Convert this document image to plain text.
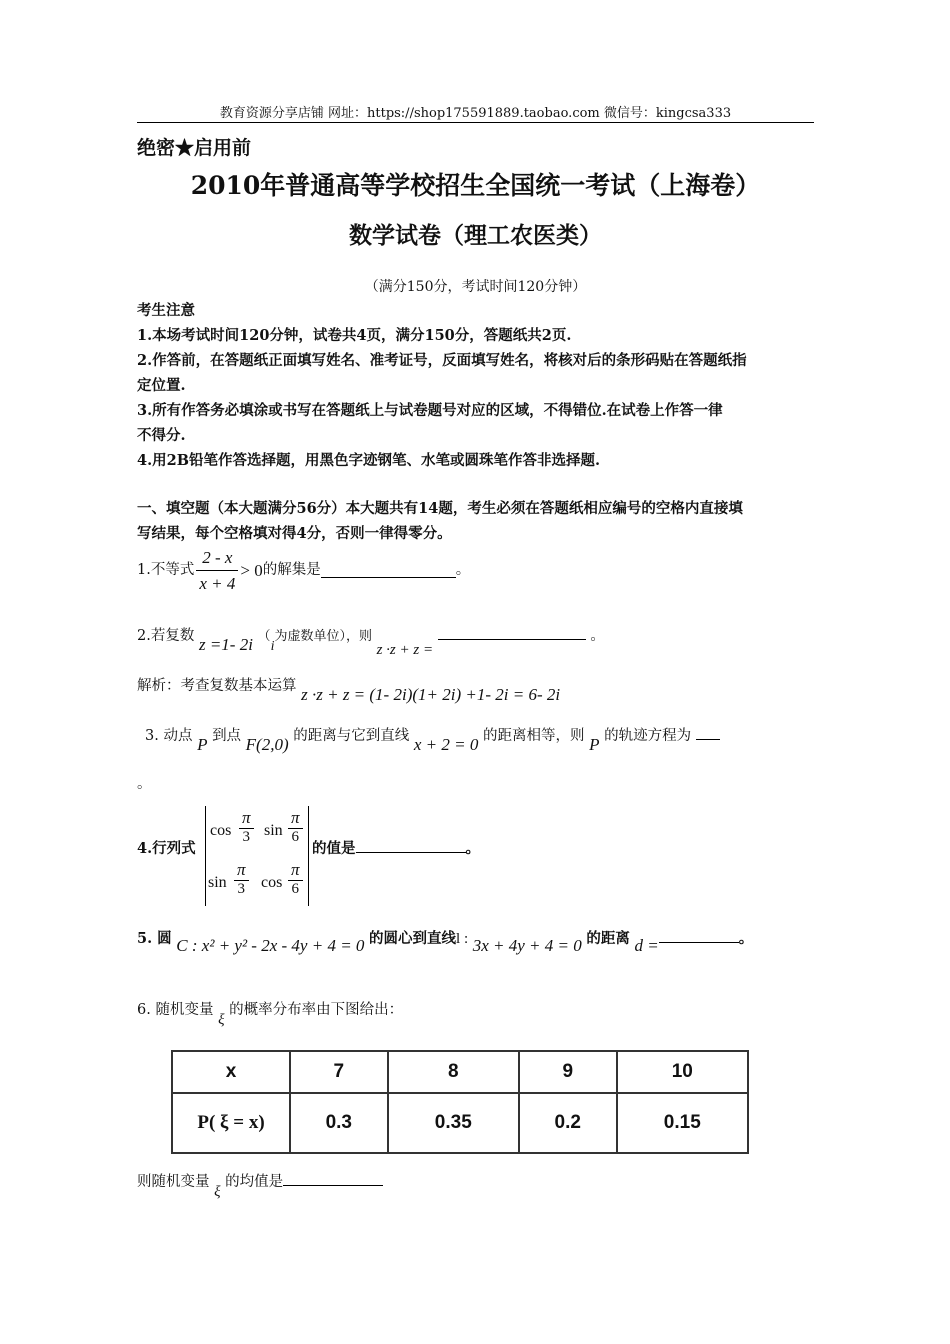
教育资源分享店铺 网址：https://shop175591889.taobao.com 微信号：kingcsa333
绝密★启用前
2010年普通高等学校招生全国统一考试（上海卷）
数学试卷（理工农医类）
（满分150分，考试时间120分钟）
考生注意
1.本场考试时间120分钟，试卷共4页，满分150分，答题纸共2页.
2.作答前，在答题纸正面填写姓名、准考证号，反面填写姓名，将核对后的条形码贴在答题纸指
定位置.
3.所有作答务必填涂或书写在答题纸上与试卷题号对应的区域，不得错位.在试卷上作答一律
不得分.
4.用2B铅笔作答选择题，用黑色字迹钢笔、水笔或圆珠笔作答非选择题.
一、填空题（本大题满分56分）本大题共有14题，考生必须在答题纸相应编号的空格内直接填
写结果，每个空格填对得4分，否则一律得零分。
1.不等式 $\frac{2 - x}{x + 4} > 0$ 的解集是	。
2.若复数 z =1- 2i （i为虚数单位），则 z ·z + z =  。
解析：考查复数基本运算 z ·z + z = (1- 2i)(1+ 2i) +1- 2i = 6- 2i
3. 动点 P 到点 F(2,0) 的距离与它到直线 x + 2 = 0 的距离相等，则 P 的轨迹方程为
。
4.行列式
$\cos \frac{\pi}{3}$ $\sin \frac{\pi}{6}$
$\sin \frac{\pi}{3}$ $\cos \frac{\pi}{6}$
的值是	。
5. 圆 C : x² + y² - 2x - 4y + 4 = 0 的圆心到直线l : 3x + 4y + 4 = 0 的距离 d =	。
6. 随机变量 ξ 的概率分布率由下图给出：
x	7	8	9	10
P( ξ = x)	0.3	0.35	0.2	0.15
则随机变量 ξ 的均值是
